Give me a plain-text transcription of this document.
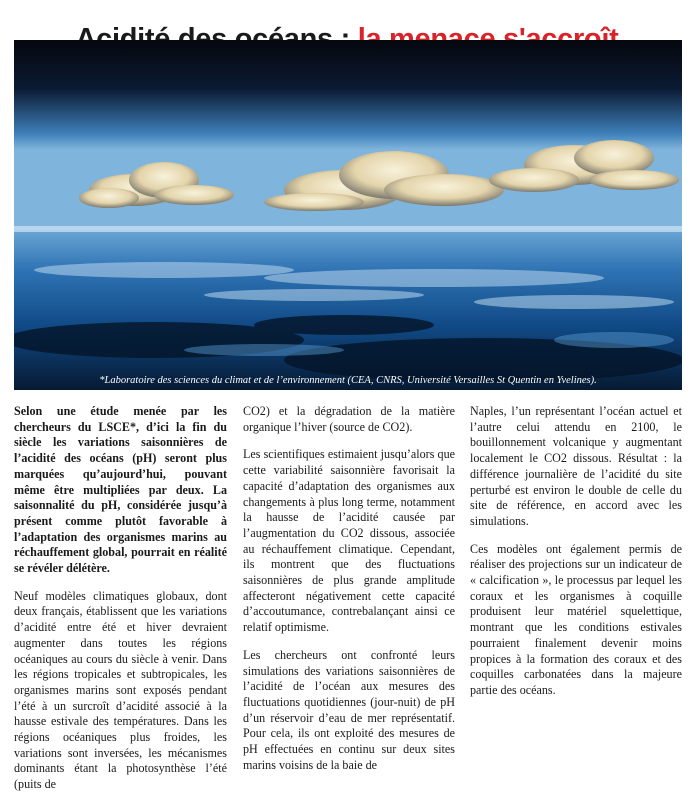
*Laboratoire des sciences du climat et de l’environnement (CEA, CNRS, Université Versailles St Quentin en Yvelines).

Selon une étude menée par les chercheurs du LSCE*, d’ici la fin du siècle les variations saisonnières de l’acidité des océans (pH) seront plus marquées qu’aujourd’hui, pouvant même être multipliées par deux. La saisonnalité du pH, considérée jusqu’à présent comme plutôt favorable à l’adaptation des organismes marins au réchauffement global, pourrait en réalité se révéler délétère.

Neuf modèles climatiques globaux, dont deux français, établissent que les variations d’acidité entre été et hiver devraient augmenter dans toutes les régions océaniques au cours du siècle à venir. Dans les régions tropicales et subtropicales, les organismes marins sont exposés pendant l’été à un surcroît d’acidité associé à la hausse estivale des températures. Dans les régions océaniques plus froides, les variations sont inversées, les mécanismes dominants étant la photosynthèse l’été (puits de

CO2) et la dégradation de la matière organique l’hiver (source de CO2).

Les scientifiques estimaient jusqu’alors que cette variabilité saisonnière favorisait la capacité d’adaptation des organismes aux changements à plus long terme, notamment la hausse de l’acidité causée par l’augmentation du CO2 dissous, associée au réchauffement climatique. Cependant, ils montrent que des fluctuations saisonnières de plus grande amplitude affecteront négativement cette capacité d’accoutumance, contrebalançant ainsi ce relatif optimisme.

Les chercheurs ont confronté leurs simulations des variations saisonnières de l’acidité de l’océan aux mesures des fluctuations quotidiennes (jour-nuit) de pH d’un réservoir d’eau de mer représentatif. Pour cela, ils ont exploité des mesures de pH effectuées en continu sur deux sites marins voisins de la baie de

Naples, l’un représentant l’océan actuel et l’autre celui attendu en 2100, le bouillonnement volcanique y augmentant localement le CO2 dissous. Résultat : la différence journalière de l’acidité du site perturbé est environ le double de celle du site de référence, en accord avec les simulations.

Ces modèles ont également permis de réaliser des projections sur un indicateur de « calcification », le processus par lequel les coraux et les organismes à coquille produisent leur matériel squelettique, montrant que les conditions estivales pourraient finalement devenir moins propices à la formation des coraux et des coquilles carbonatées dans la majeure partie des océans.
